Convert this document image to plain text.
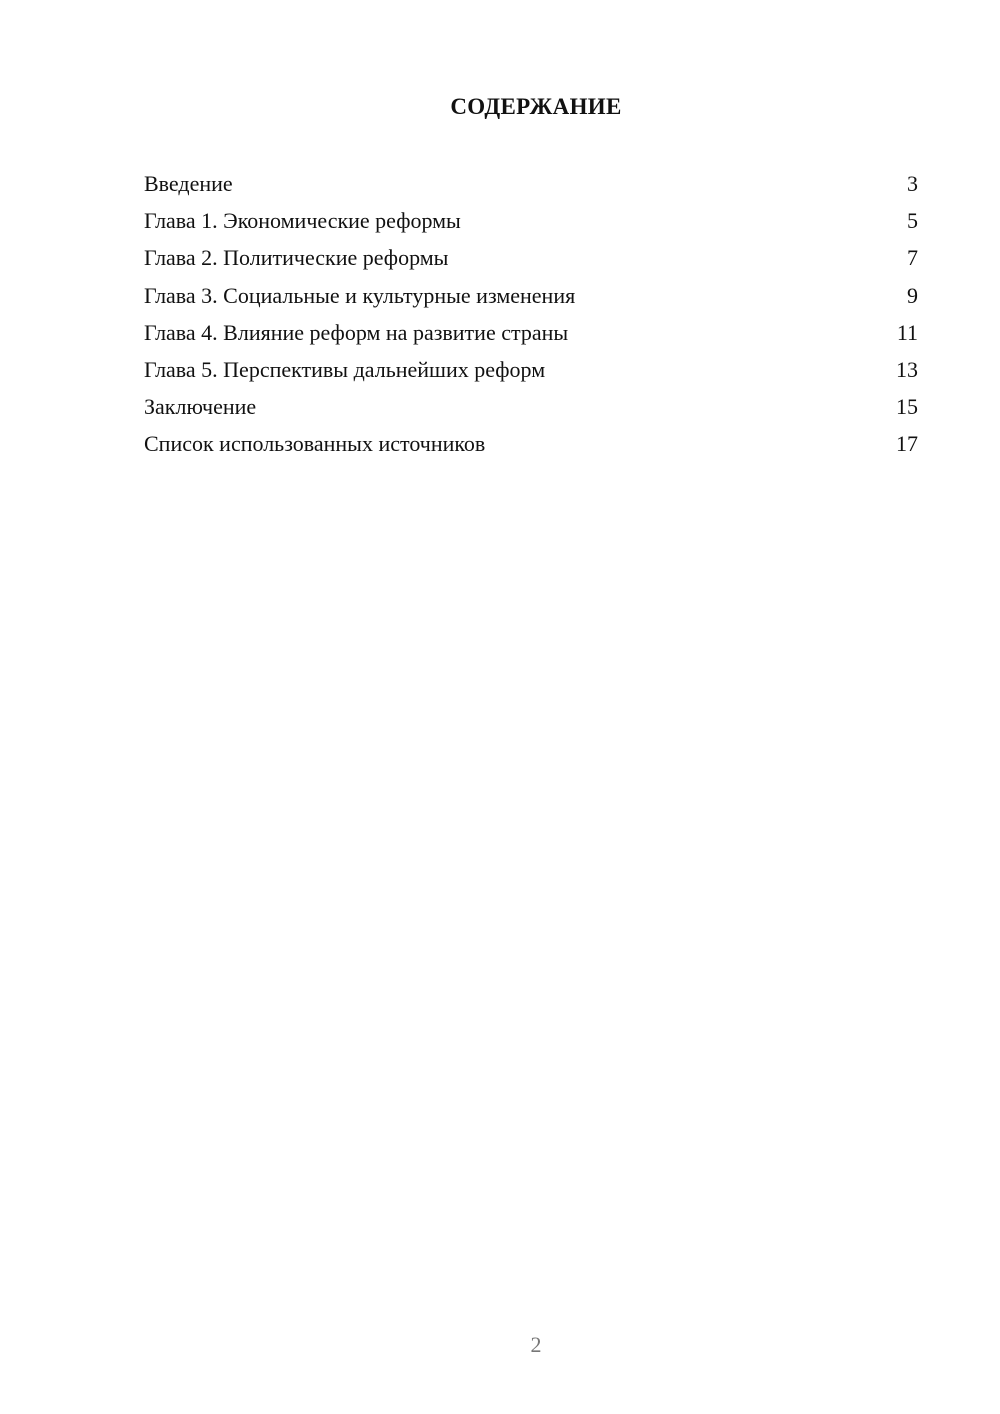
СОДЕРЖАНИЕ
Введение	3
Глава 1. Экономические реформы	5
Глава 2. Политические реформы	7
Глава 3. Социальные и культурные изменения	9
Глава 4. Влияние реформ на развитие страны	11
Глава 5. Перспективы дальнейших реформ	13
Заключение	15
Список использованных источников	17
2
